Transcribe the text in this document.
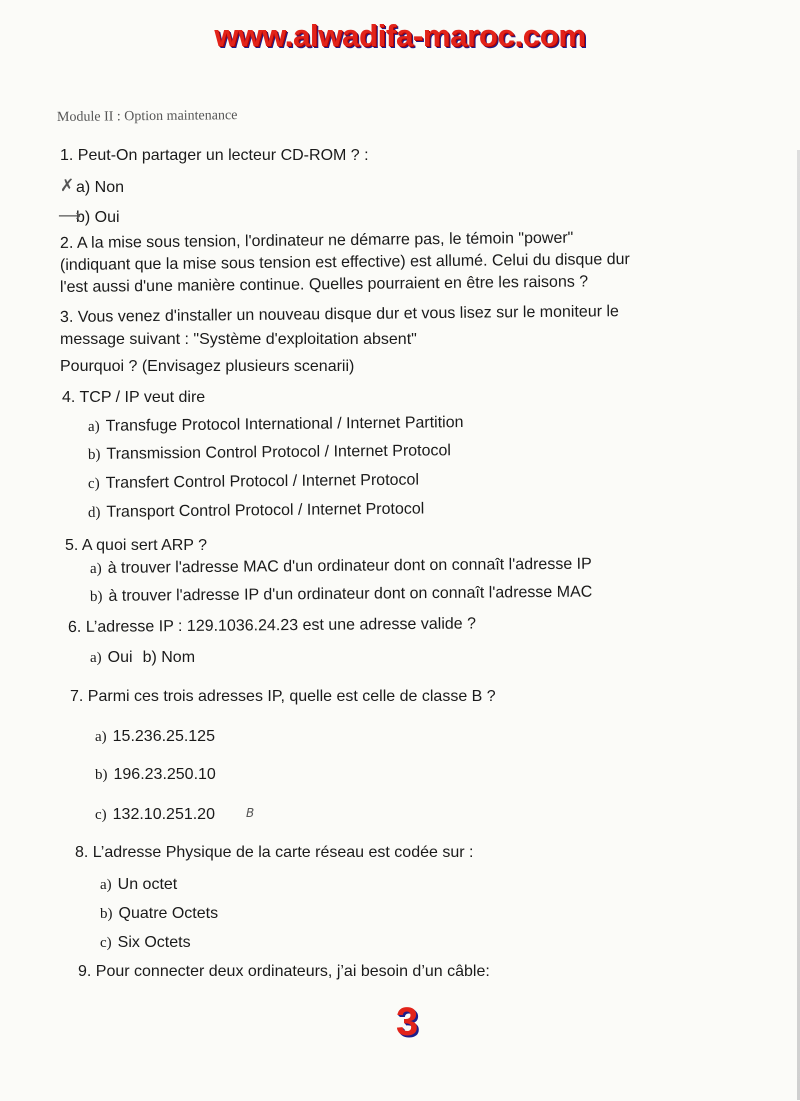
www.alwadifa-maroc.com
Module II : Option maintenance
1. Peut-On partager un lecteur CD-ROM ? :
a) Non
✗
b) Oui
⟶
2. A la mise sous tension, l'ordinateur ne démarre pas, le témoin "power"
(indiquant que la mise sous tension est effective) est allumé. Celui du disque dur
l'est aussi d'une manière continue. Quelles pourraient en être les raisons ?
3. Vous venez d'installer un nouveau disque dur et vous lisez sur le moniteur le
message suivant : "Système d'exploitation absent"
Pourquoi ? (Envisagez plusieurs scenarii)
4. TCP / IP veut dire
a) Transfuge Protocol International / Internet Partition
b) Transmission Control Protocol / Internet Protocol
c) Transfert Control Protocol / Internet Protocol
d) Transport Control Protocol / Internet Protocol
5. A quoi sert ARP ?
a) à trouver l'adresse MAC d'un ordinateur dont on connaît l'adresse IP
b) à trouver l'adresse IP d'un ordinateur dont on connaît l'adresse MAC
6. L’adresse IP : 129.1036.24.23 est une adresse valide ?
a) Oui b) Nom
7. Parmi ces trois adresses IP, quelle est celle de classe B ?
a) 15.236.25.125
b) 196.23.250.10
c) 132.10.251.20	B
8. L’adresse Physique de la carte réseau est codée sur :
a) Un octet
b) Quatre Octets
c) Six Octets
9. Pour connecter deux ordinateurs, j’ai besoin d’un câble:
3
